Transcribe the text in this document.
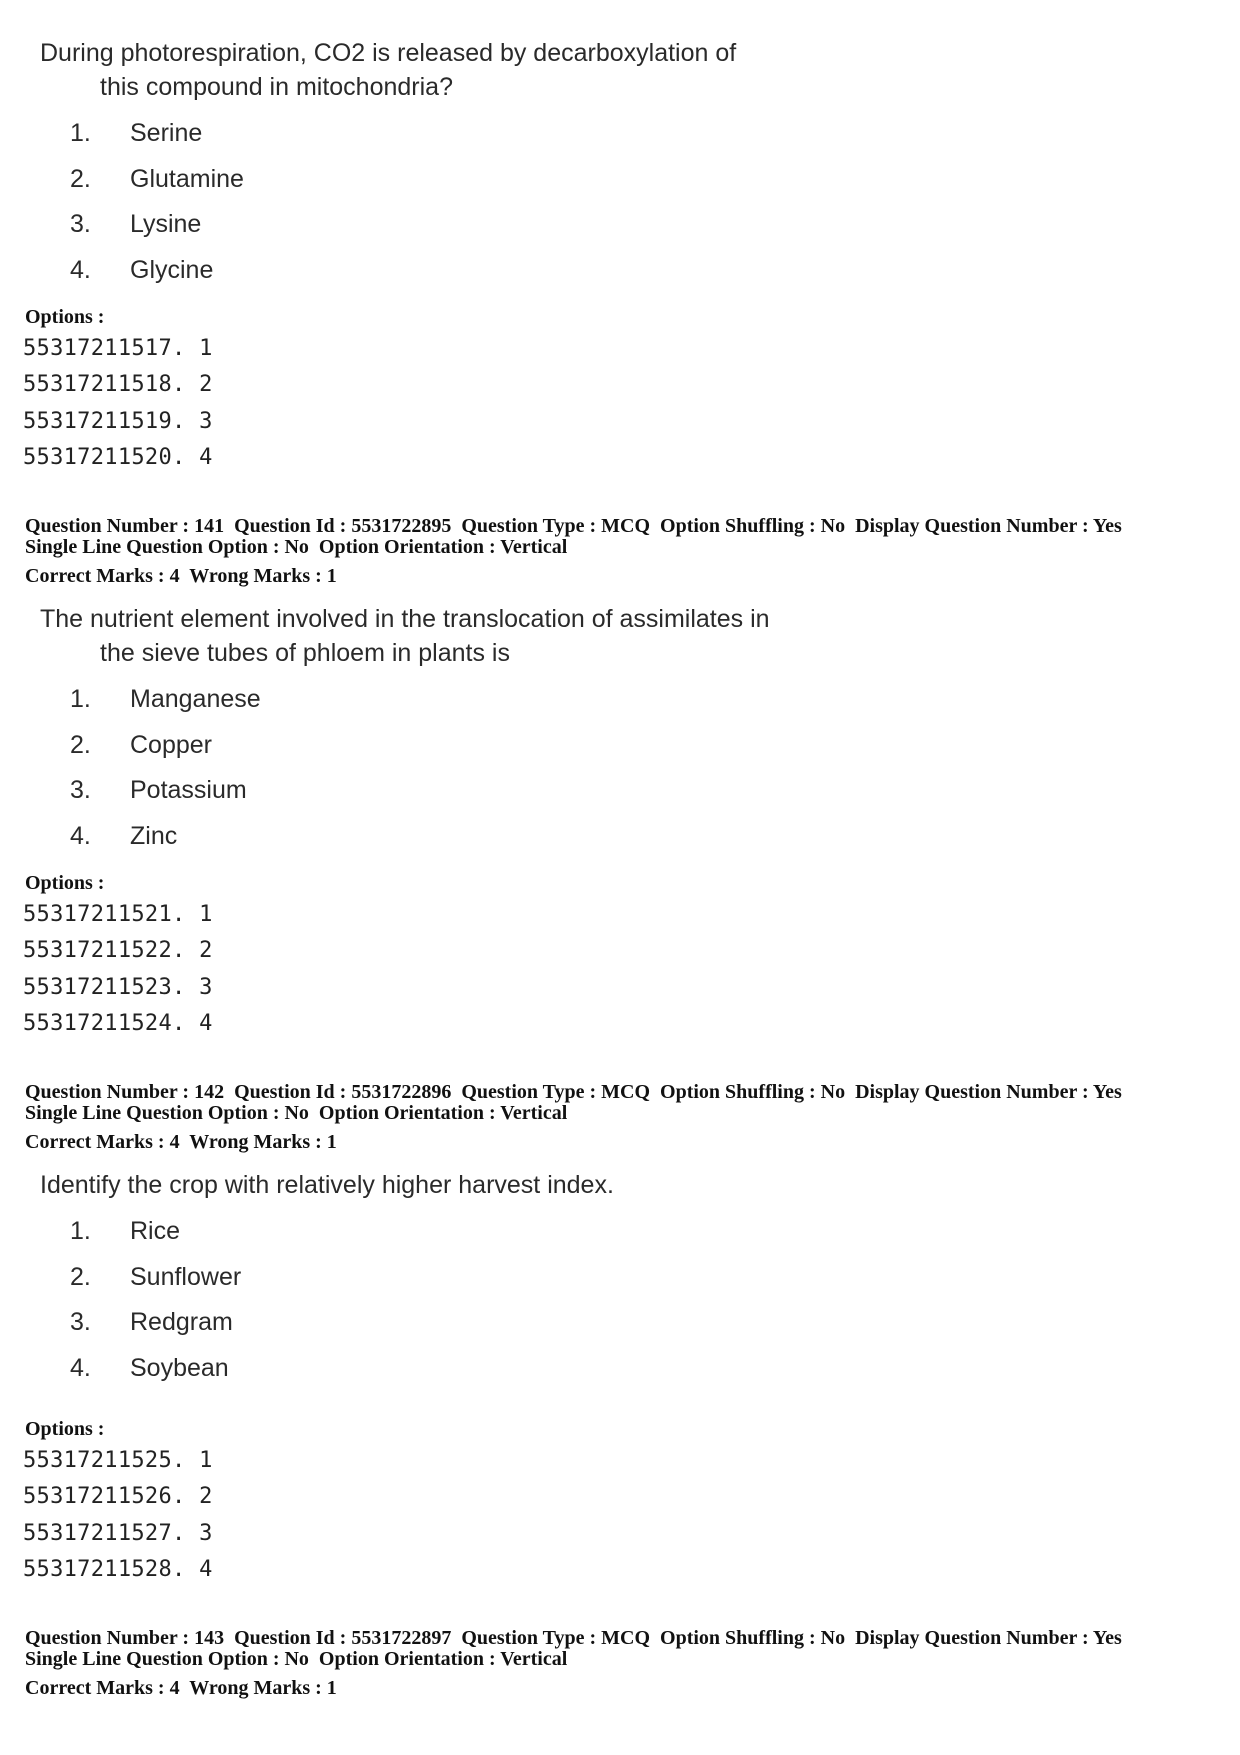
During photorespiration, CO2 is released by decarboxylation of
this compound in mitochondria?
1. Serine
2. Glutamine
3. Lysine
4. Glycine
Options :
55317211517. 1
55317211518. 2
55317211519. 3
55317211520. 4
Question Number : 141  Question Id : 5531722895  Question Type : MCQ  Option Shuffling : No  Display Question Number : Yes
Single Line Question Option : No  Option Orientation : Vertical
Correct Marks : 4  Wrong Marks : 1
The nutrient element involved in the translocation of assimilates in
the sieve tubes of phloem in plants is
1. Manganese
2. Copper
3. Potassium
4. Zinc
Options :
55317211521. 1
55317211522. 2
55317211523. 3
55317211524. 4
Question Number : 142  Question Id : 5531722896  Question Type : MCQ  Option Shuffling : No  Display Question Number : Yes
Single Line Question Option : No  Option Orientation : Vertical
Correct Marks : 4  Wrong Marks : 1
Identify the crop with relatively higher harvest index.
1. Rice
2. Sunflower
3. Redgram
4. Soybean
Options :
55317211525. 1
55317211526. 2
55317211527. 3
55317211528. 4
Question Number : 143  Question Id : 5531722897  Question Type : MCQ  Option Shuffling : No  Display Question Number : Yes
Single Line Question Option : No  Option Orientation : Vertical
Correct Marks : 4  Wrong Marks : 1
